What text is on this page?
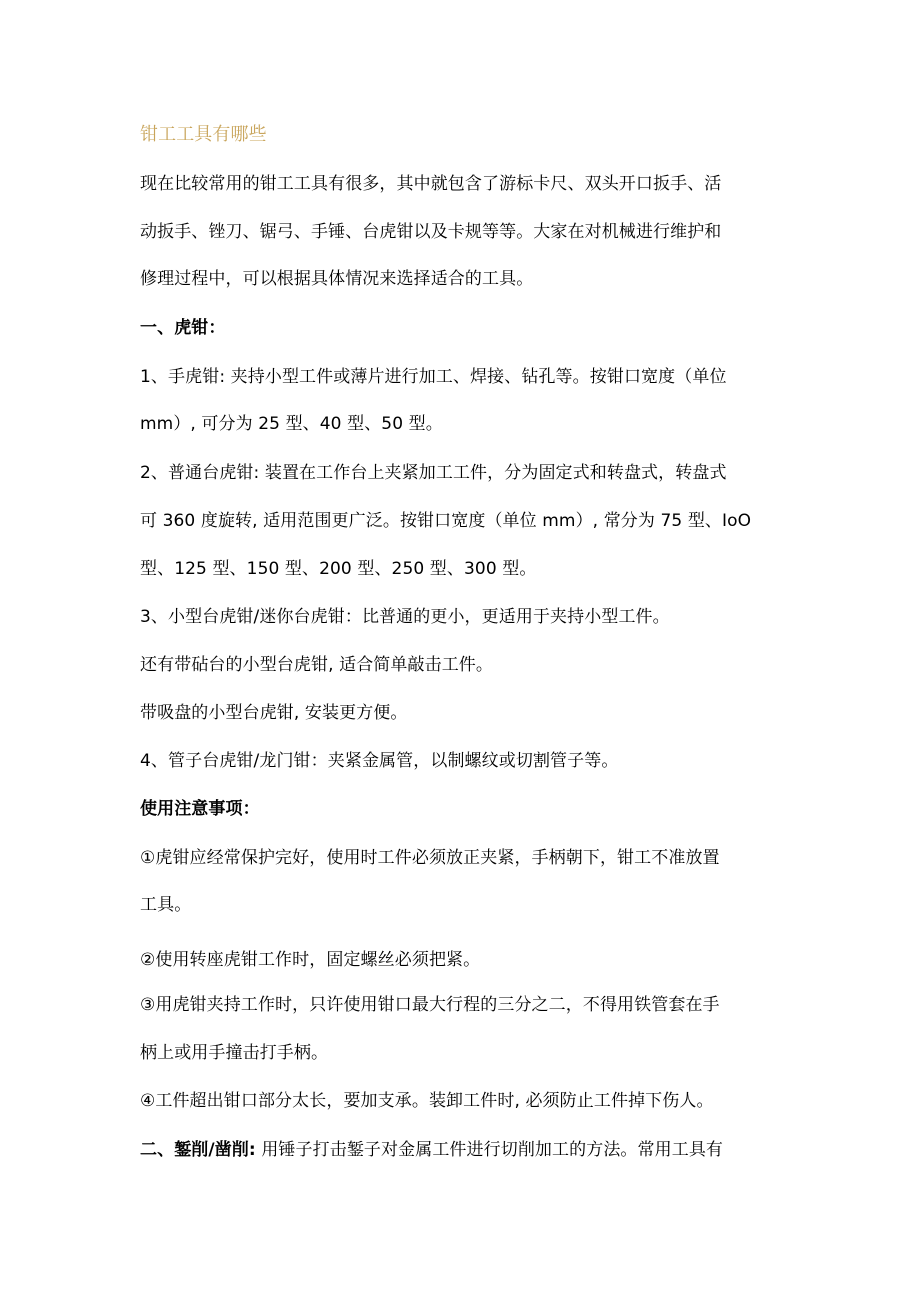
钳工工具有哪些
现在比较常用的钳工工具有很多，其中就包含了游标卡尺、双头开口扳手、活
动扳手、锉刀、锯弓、手锤、台虎钳以及卡规等等。大家在对机械进行维护和
修理过程中，可以根据具体情况来选择适合的工具。
一、虎钳：
1、手虎钳: 夹持小型工件或薄片进行加工、焊接、钻孔等。按钳口宽度（单位
mm）, 可分为 25 型、40 型、50 型。
2、普通台虎钳: 装置在工作台上夹紧加工工件，分为固定式和转盘式，转盘式
可 360 度旋转, 适用范围更广泛。按钳口宽度（单位 mm）, 常分为 75 型、IoO
型、125 型、150 型、200 型、250 型、300 型。
3、小型台虎钳/迷你台虎钳：比普通的更小，更适用于夹持小型工件。
还有带砧台的小型台虎钳, 适合简单敲击工件。
带吸盘的小型台虎钳, 安装更方便。
4、管子台虎钳/龙门钳：夹紧金属管，以制螺纹或切割管子等。
使用注意事项：
①虎钳应经常保护完好，使用时工件必须放正夹紧，手柄朝下，钳工不准放置
工具。
②使用转座虎钳工作时，固定螺丝必须把紧。
③用虎钳夹持工作时，只许使用钳口最大行程的三分之二，不得用铁管套在手
柄上或用手撞击打手柄。
④工件超出钳口部分太长，要加支承。装卸工件时, 必须防止工件掉下伤人。
二、錾削/凿削: 用锤子打击錾子对金属工件进行切削加工的方法。常用工具有
